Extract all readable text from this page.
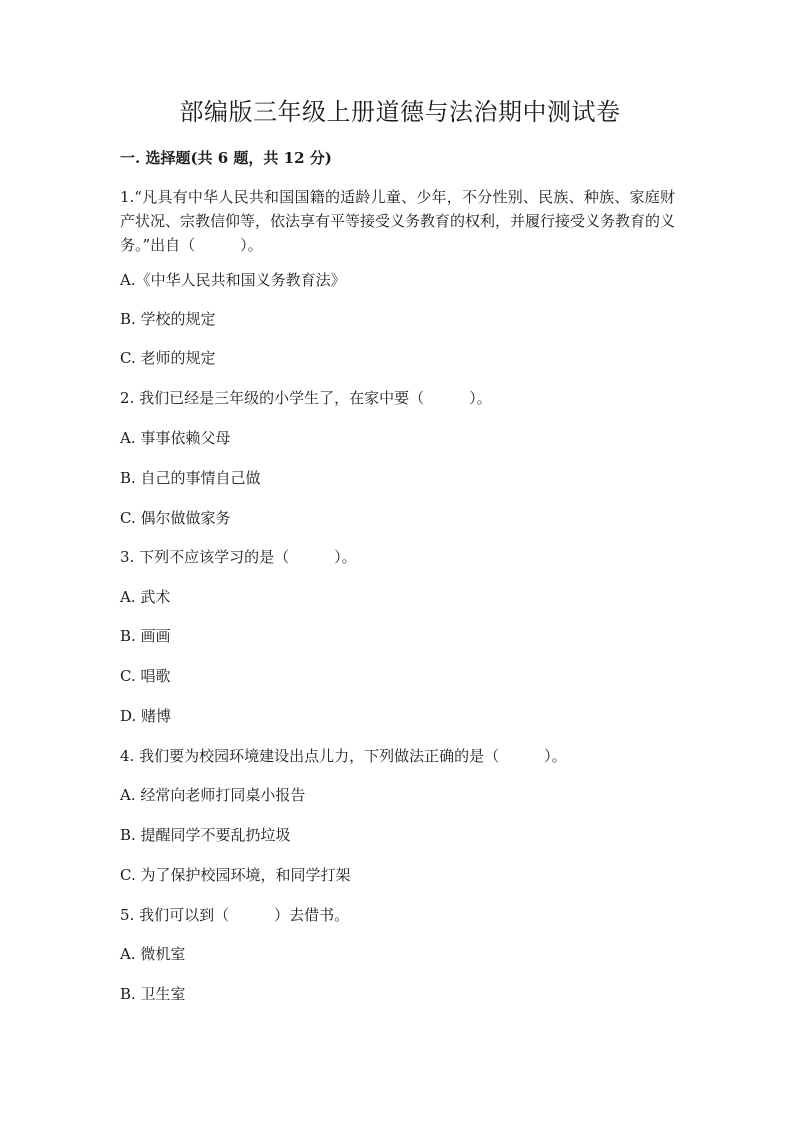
部编版三年级上册道德与法治期中测试卷
一. 选择题(共 6 题，共 12 分)
1.“凡具有中华人民共和国国籍的适龄儿童、少年，不分性别、民族、种族、家庭财产状况、宗教信仰等，依法享有平等接受义务教育的权利，并履行接受义务教育的义务。”出自（　　　）。
A.《中华人民共和国义务教育法》
B. 学校的规定
C. 老师的规定
2. 我们已经是三年级的小学生了，在家中要（　　　）。
A. 事事依赖父母
B. 自己的事情自己做
C. 偶尔做做家务
3. 下列不应该学习的是（　　　）。
A. 武术
B. 画画
C. 唱歌
D. 赌博
4. 我们要为校园环境建设出点儿力，下列做法正确的是（　　　）。
A. 经常向老师打同桌小报告
B. 提醒同学不要乱扔垃圾
C. 为了保护校园环境，和同学打架
5. 我们可以到（　　　）去借书。
A. 微机室
B. 卫生室
